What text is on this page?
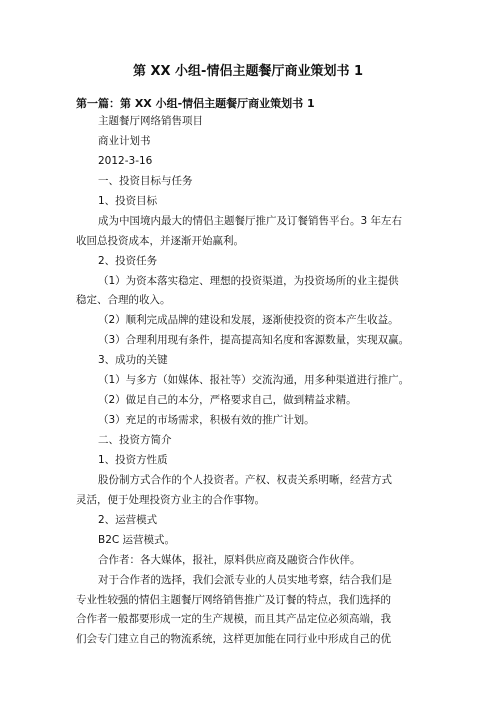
第 XX 小组-情侣主题餐厅商业策划书 1
第一篇：第 XX 小组-情侣主题餐厅商业策划书 1
主题餐厅网络销售项目
商业计划书
2012-3-16
一、投资目标与任务
1、投资目标
成为中国境内最大的情侣主题餐厅推广及订餐销售平台。3 年左右
收回总投资成本，并逐渐开始赢利。
2、投资任务
（1）为资本落实稳定、理想的投资渠道，为投资场所的业主提供
稳定、合理的收入。
（2）顺利完成品牌的建设和发展，逐渐使投资的资本产生收益。
（3）合理利用现有条件，提高提高知名度和客源数量，实现双赢。
3、成功的关键
（1）与多方（如媒体、报社等）交流沟通，用多种渠道进行推广。
（2）做足自己的本分，严格要求自己，做到精益求精。
（3）充足的市场需求，积极有效的推广计划。
二、投资方简介
1、投资方性质
股份制方式合作的个人投资者。产权、权责关系明晰，经营方式
灵活，便于处理投资方业主的合作事物。
2、运营模式
B2C 运营模式。
合作者：各大媒体，报社，原料供应商及融资合作伙伴。
对于合作者的选择，我们会派专业的人员实地考察，结合我们是
专业性较强的情侣主题餐厅网络销售推广及订餐的特点，我们选择的
合作者一般都要形成一定的生产规模，而且其产品定位必须高端，我
们会专门建立自己的物流系统，这样更加能在同行业中形成自己的优
